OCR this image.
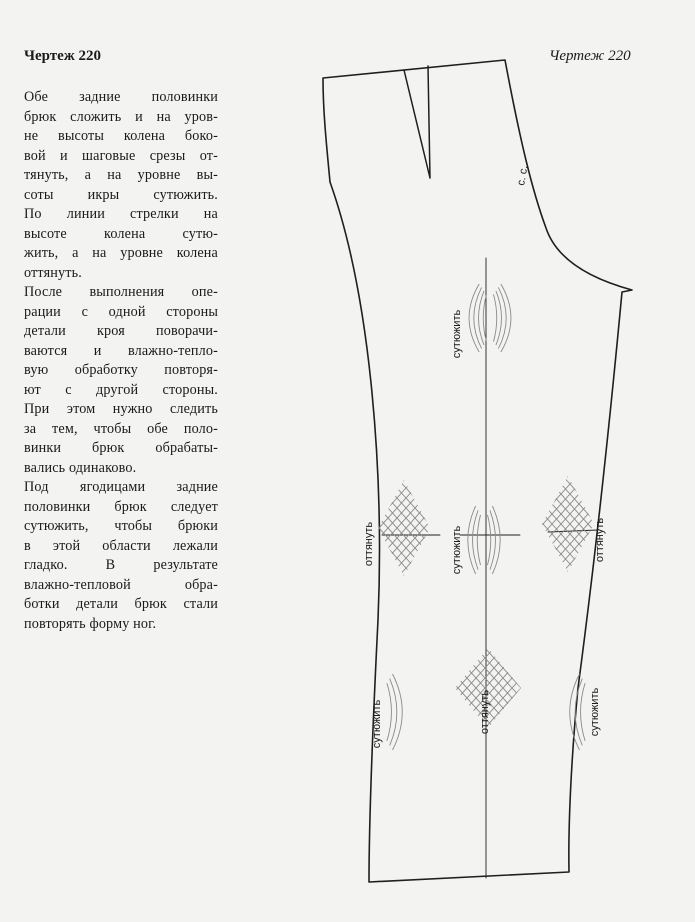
Чертеж 220	Чертеж 220
Обе задние половинки
брюк сложить и на уров-
не высоты колена боко-
вой и шаговые срезы от-
тянуть, а на уровне вы-
соты икры сутюжить.
По линии стрелки на
высоте колена сутю-
жить, а на уровне колена
оттянуть.
После выполнения опе-
рации с одной стороны
детали кроя поворачи-
ваются и влажно-тепло-
вую обработку повторя-
ют с другой стороны.
При этом нужно следить
за тем, чтобы обе поло-
винки брюк обрабаты-
вались одинаково.
Под ягодицами задние
половинки брюк следует
сутюжить, чтобы брюки
в этой области лежали
гладко. В результате
влажно-тепловой обра-
ботки детали брюк стали
повторять форму ног.
с. с.
сутюжить
оттянуть	сутюжить	оттянуть
сутюжить	оттянуть	сутюжить
